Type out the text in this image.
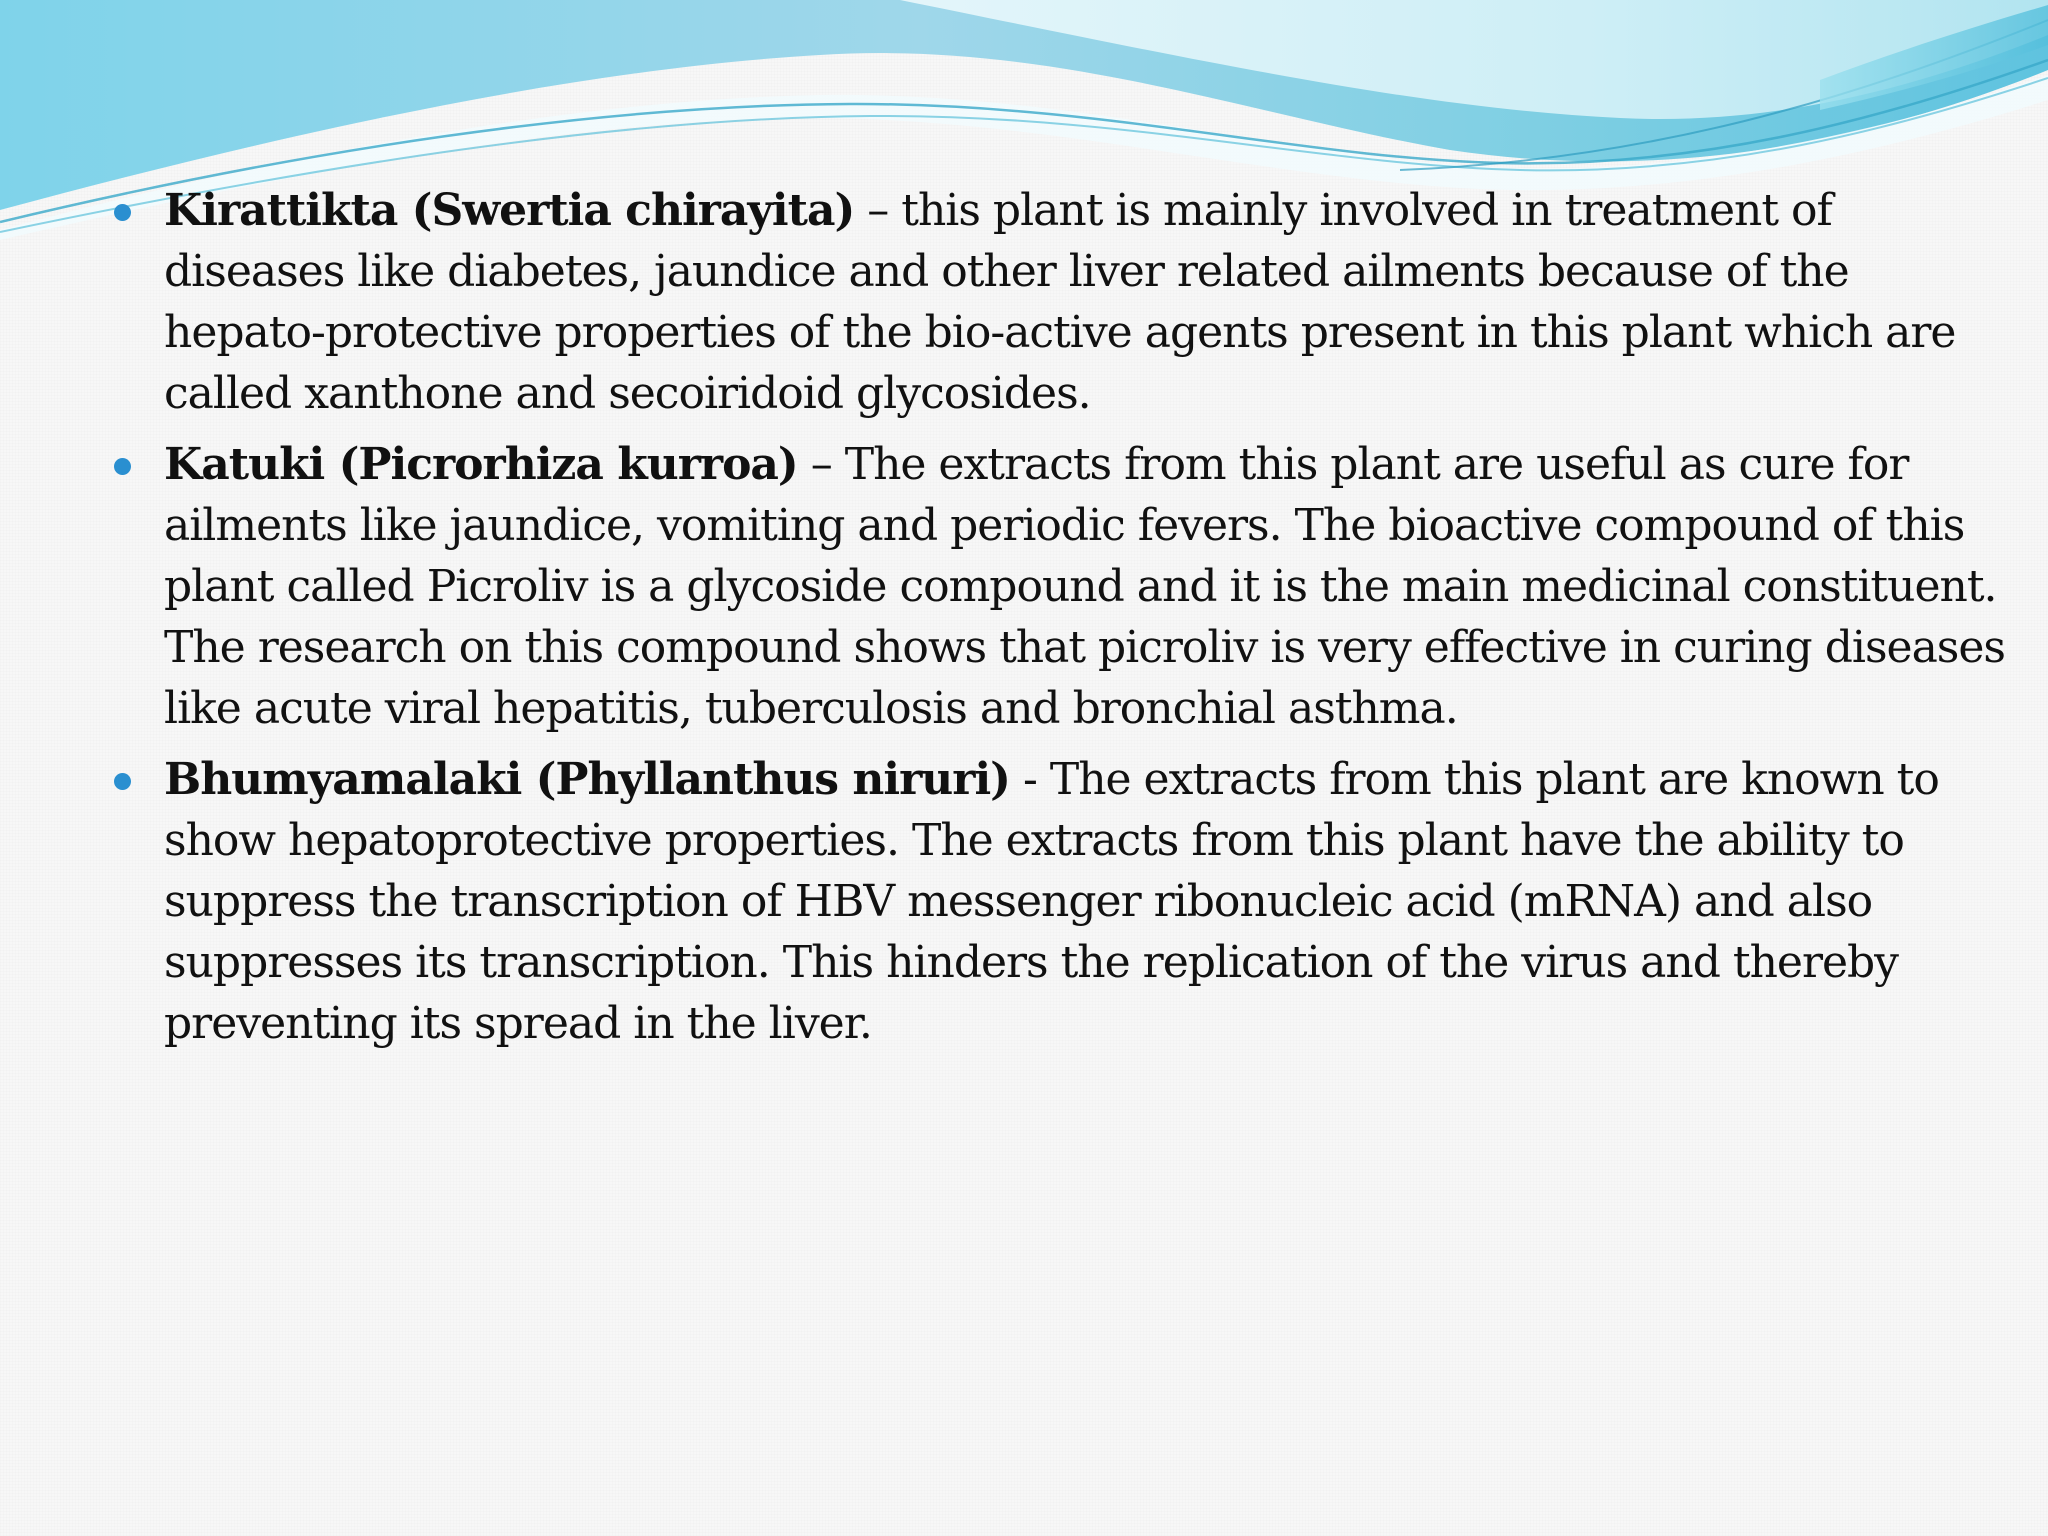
Kirattikta (Swertia chirayita) – this plant is mainly involved in treatment of diseases like diabetes, jaundice and other liver related ailments because of the hepato-protective properties of the bio-active agents present in this plant which are called xanthone and secoiridoid glycosides.
Katuki (Picrorhiza kurroa) – The extracts from this plant are useful as cure for ailments like jaundice, vomiting and periodic fevers. The bioactive compound of this plant called Picroliv is a glycoside compound and it is the main medicinal constituent. The research on this compound shows that picroliv is very effective in curing diseases like acute viral hepatitis, tuberculosis and bronchial asthma.
Bhumyamalaki (Phyllanthus niruri) - The extracts from this plant are known to show hepatoprotective properties. The extracts from this plant have the ability to suppress the transcription of HBV messenger ribonucleic acid (mRNA) and also suppresses its transcription. This hinders the replication of the virus and thereby preventing its spread in the liver.
